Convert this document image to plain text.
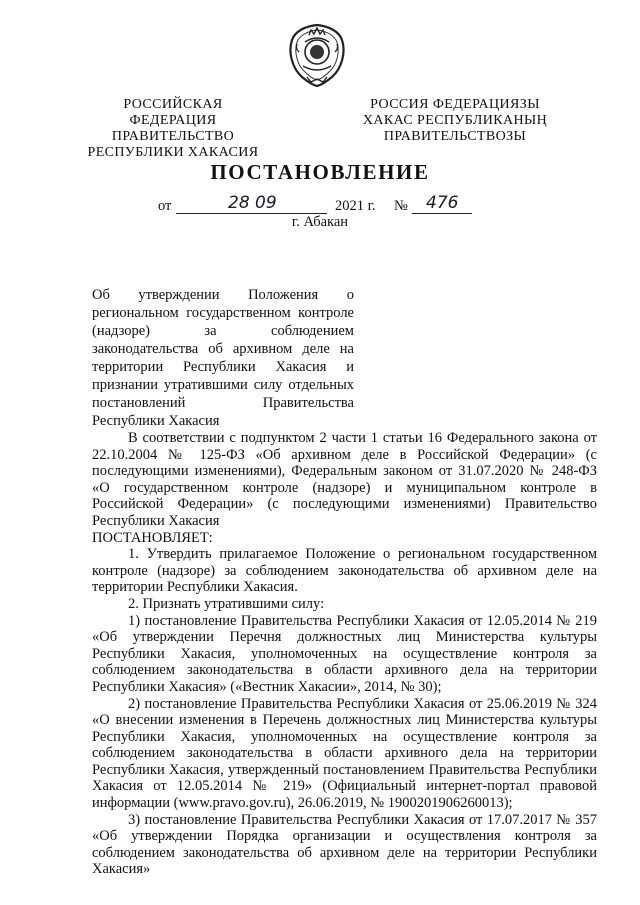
РОССИЙСКАЯ ФЕДЕРАЦИЯ
ПРАВИТЕЛЬСТВО
РЕСПУБЛИКИ ХАКАСИЯ
РОССИЯ ФЕДЕРАЦИЯЗЫ
ХАКАС РЕСПУБЛИКАНЫҢ
ПРАВИТЕЛЬСТВОЗЫ
ПОСТАНОВЛЕНИЕ
от	28 09	2021 г. № 476
г. Абакан

Об утверждении Положения о региональном государственном контроле (надзоре) за соблюдением законодательства об архивном деле на территории Республики Хакасия и признании утратившими силу отдельных постановлений Правительства Республики Хакасия

В соответствии с подпунктом 2 части 1 статьи 16 Федерального закона от 22.10.2004 № 125-ФЗ «Об архивном деле в Российской Федерации» (с последующими изменениями), Федеральным законом от 31.07.2020 № 248-ФЗ «О государственном контроле (надзоре) и муниципальном контроле в Российской Федерации» (с последующими изменениями) Правительство Республики Хакасия

ПОСТАНОВЛЯЕТ:

1. Утвердить прилагаемое Положение о региональном государственном контроле (надзоре) за соблюдением законодательства об архивном деле на территории Республики Хакасия.

2. Признать утратившими силу:

1) постановление Правительства Республики Хакасия от 12.05.2014 № 219 «Об утверждении Перечня должностных лиц Министерства культуры Республики Хакасия, уполномоченных на осуществление контроля за соблюдением законодательства в области архивного дела на территории Республики Хакасия» («Вестник Хакасии», 2014, № 30);

2) постановление Правительства Республики Хакасия от 25.06.2019 № 324 «О внесении изменения в Перечень должностных лиц Министерства культуры Республики Хакасия, уполномоченных на осуществление контроля за соблюдением законодательства в области архивного дела на территории Республики Хакасия, утвержденный постановлением Правительства Республики Хакасия от 12.05.2014 № 219» (Официальный интернет-портал правовой информации (www.pravo.gov.ru), 26.06.2019, № 1900201906260013);

3) постановление Правительства Республики Хакасия от 17.07.2017 № 357 «Об утверждении Порядка организации и осуществления контроля за соблюдением законодательства об архивном деле на территории Республики Хакасия»
